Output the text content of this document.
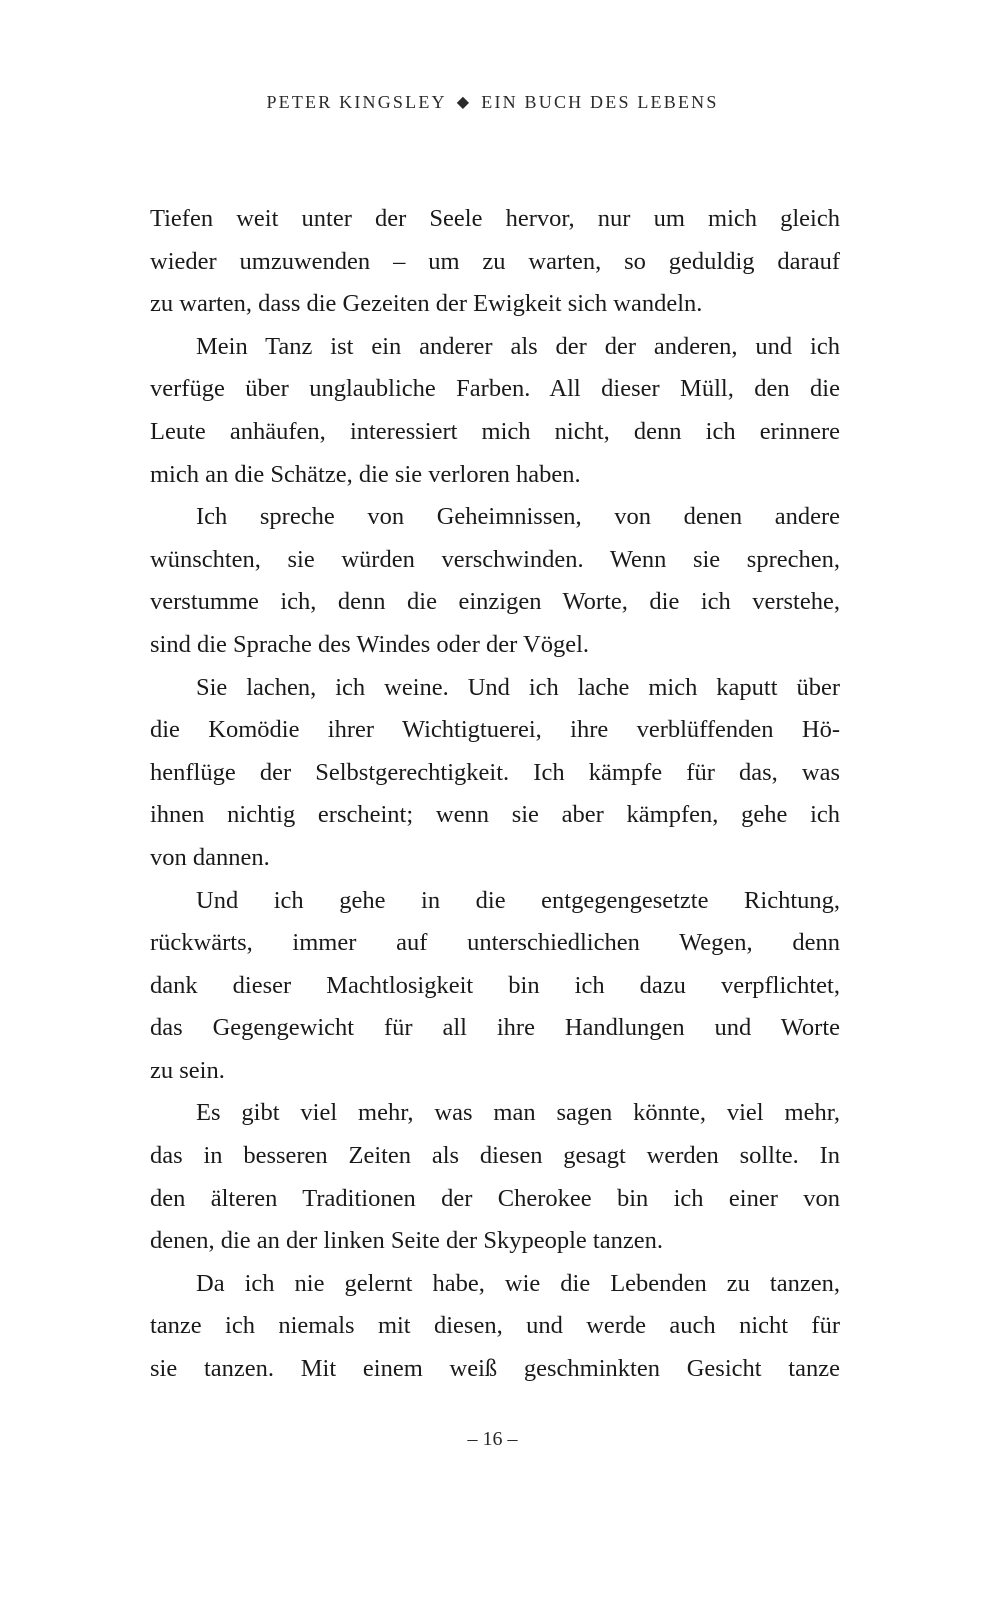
PETER KINGSLEY ◆ EIN BUCH DES LEBENS
Tiefen weit unter der Seele hervor, nur um mich gleich
wieder umzuwenden – um zu warten, so geduldig darauf
zu warten, dass die Gezeiten der Ewigkeit sich wandeln.
Mein Tanz ist ein anderer als der der anderen, und ich
verfüge über unglaubliche Farben. All dieser Müll, den die
Leute anhäufen, interessiert mich nicht, denn ich erinnere
mich an die Schätze, die sie verloren haben.
Ich spreche von Geheimnissen, von denen andere
wünschten, sie würden verschwinden. Wenn sie sprechen,
verstumme ich, denn die einzigen Worte, die ich verstehe,
sind die Sprache des Windes oder der Vögel.
Sie lachen, ich weine. Und ich lache mich kaputt über
die Komödie ihrer Wichtigtuerei, ihre verblüffenden Hö-
henflüge der Selbstgerechtigkeit. Ich kämpfe für das, was
ihnen nichtig erscheint; wenn sie aber kämpfen, gehe ich
von dannen.
Und ich gehe in die entgegengesetzte Richtung,
rückwärts, immer auf unterschiedlichen Wegen, denn
dank dieser Machtlosigkeit bin ich dazu verpflichtet,
das Gegengewicht für all ihre Handlungen und Worte
zu sein.
Es gibt viel mehr, was man sagen könnte, viel mehr,
das in besseren Zeiten als diesen gesagt werden sollte. In
den älteren Traditionen der Cherokee bin ich einer von
denen, die an der linken Seite der Skypeople tanzen.
Da ich nie gelernt habe, wie die Lebenden zu tanzen,
tanze ich niemals mit diesen, und werde auch nicht für
sie tanzen. Mit einem weiß geschminkten Gesicht tanze
– 16 –
